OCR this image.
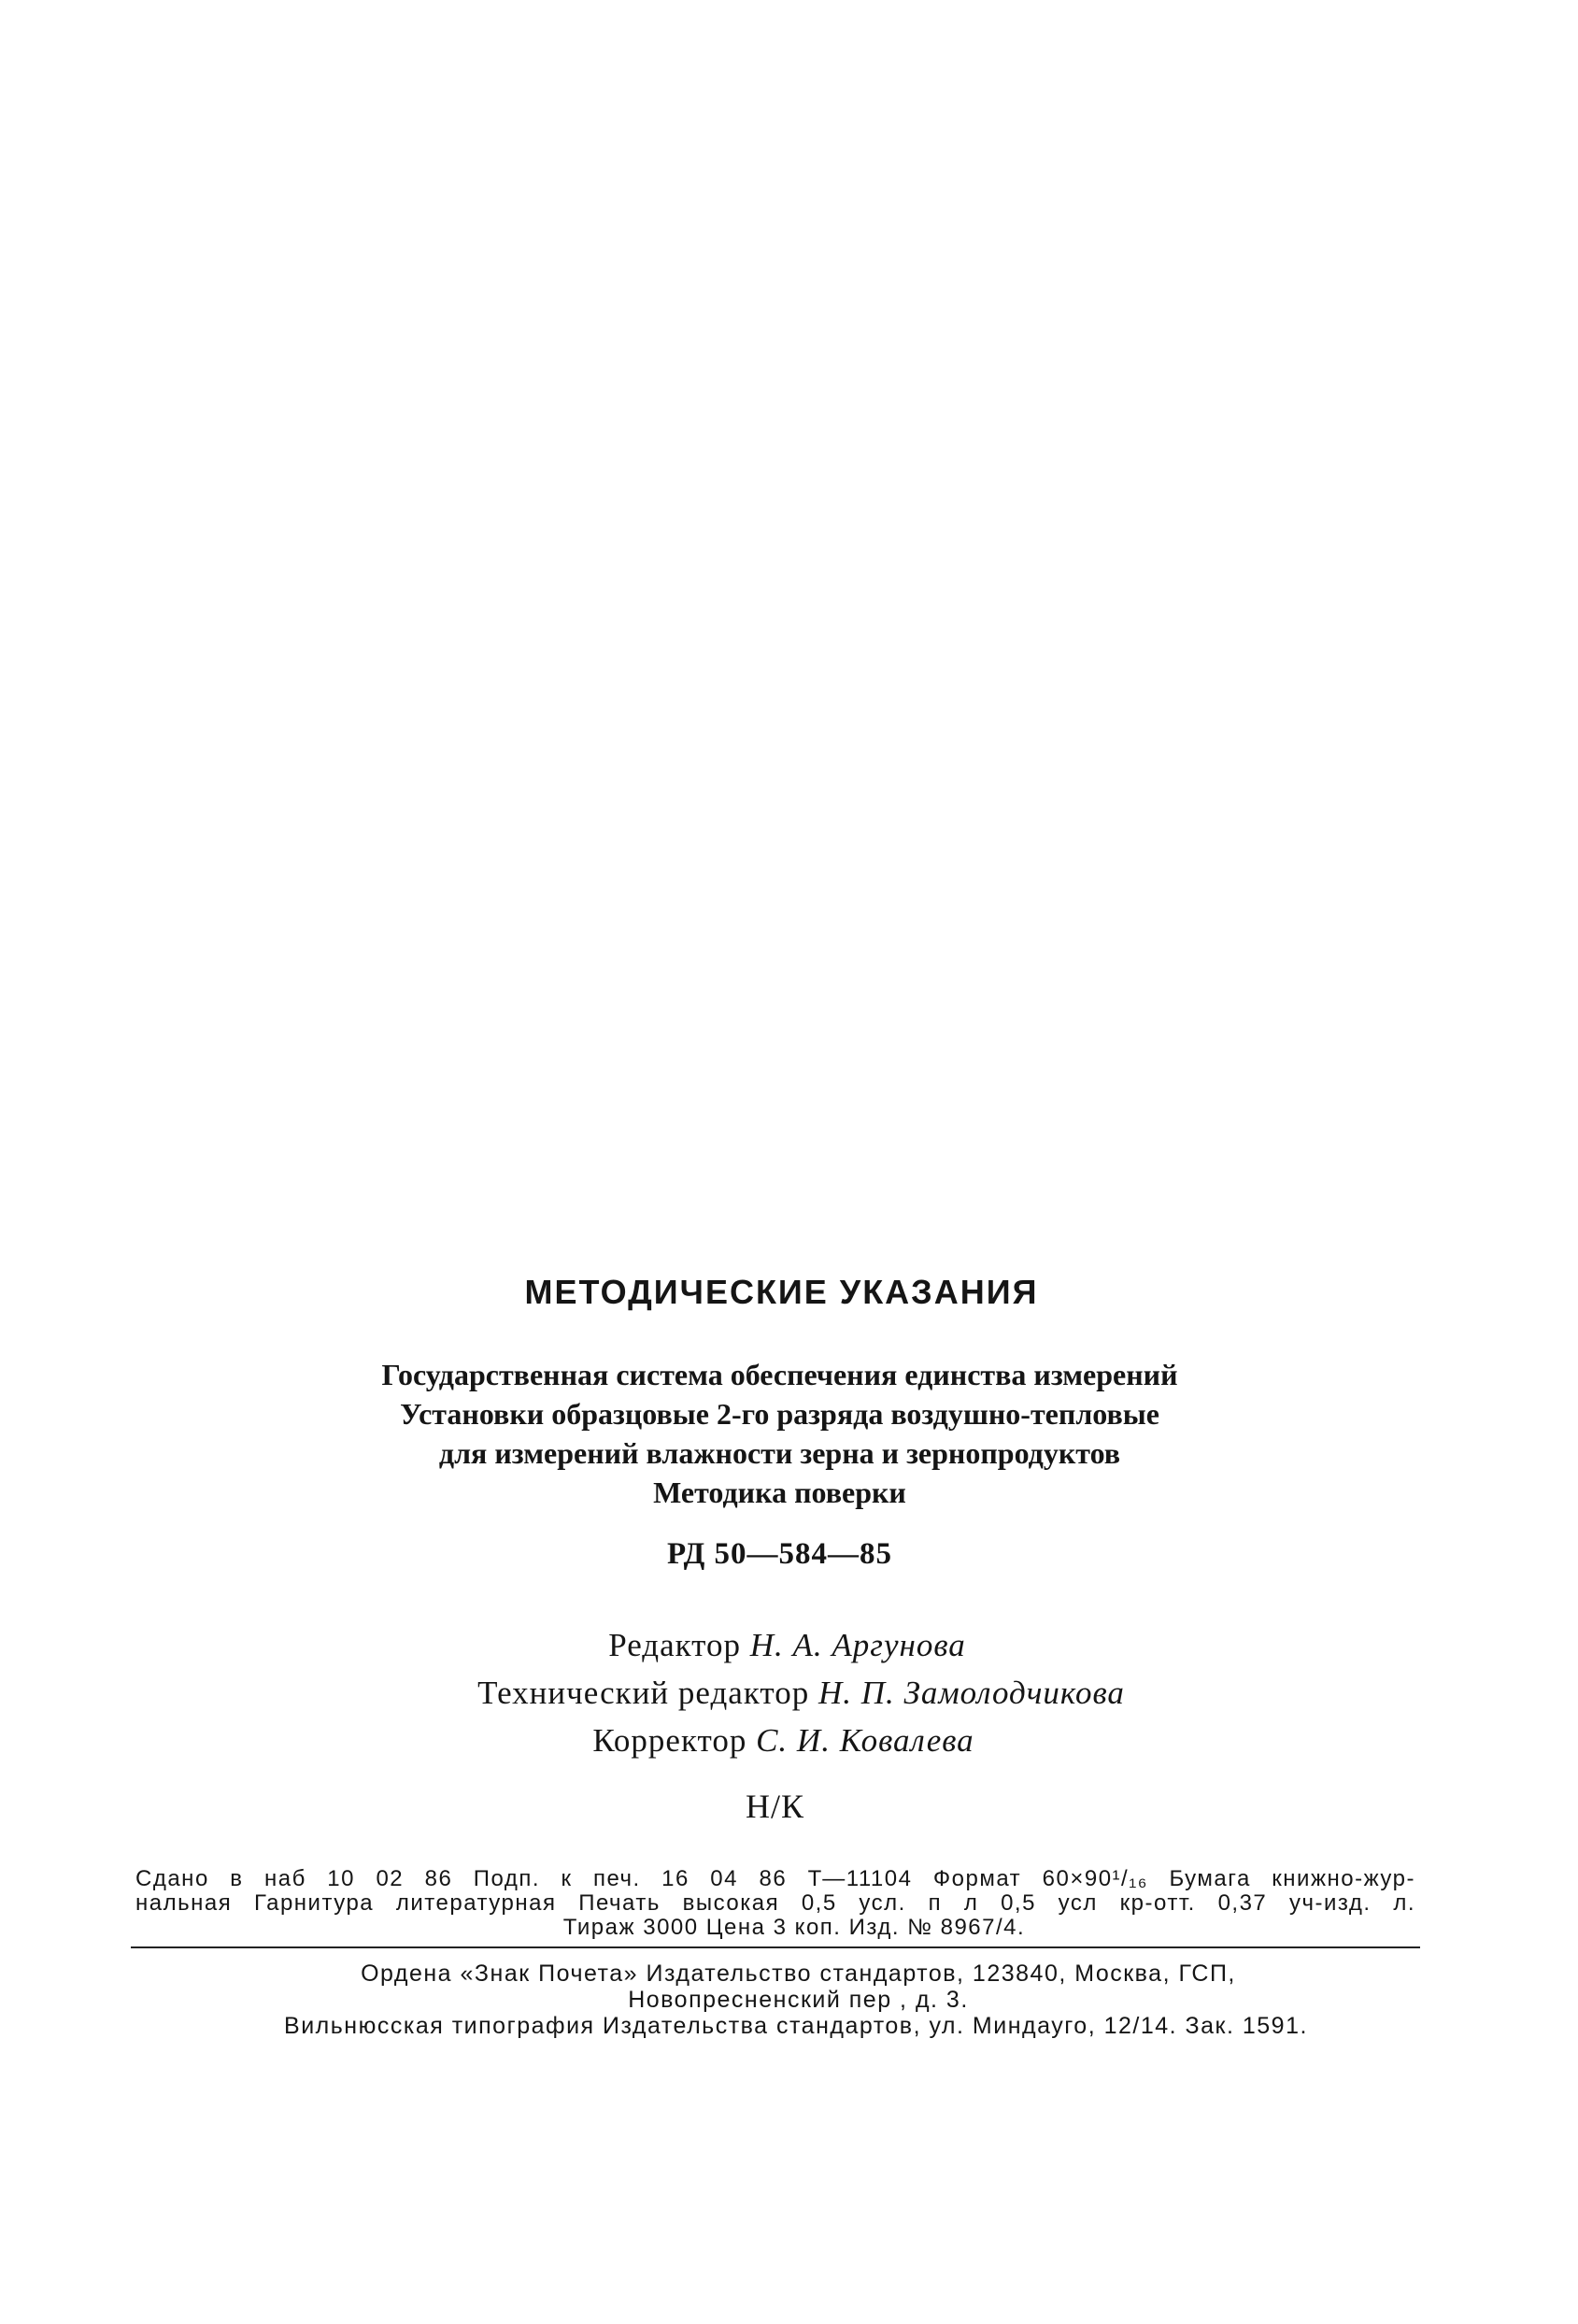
МЕТОДИЧЕСКИЕ УКАЗАНИЯ
Государственная система обеспечения единства измерений
Установки образцовые 2-го разряда воздушно-тепловые
для измерений влажности зерна и зернопродуктов
Методика поверки
РД 50—584—85
Редактор Н. А. Аргунова
Технический редактор Н. П. Замолодчикова
Корректор С. И. Ковалева
Н/К
Сдано в наб 10 02 86 Подп. к печ. 16 04 86 Т—11104 Формат 60×90¹/₁₆ Бумага книжно-жур-
нальная Гарнитура литературная Печать высокая 0,5 усл. п л 0,5 усл кр-отт. 0,37 уч-изд. л.
Тираж 3000 Цена 3 коп. Изд. № 8967/4.
Ордена «Знак Почета» Издательство стандартов, 123840, Москва, ГСП,
Новопресненский пер , д. 3.
Вильнюсская типография Издательства стандартов, ул. Миндауго, 12/14. Зак. 1591.
